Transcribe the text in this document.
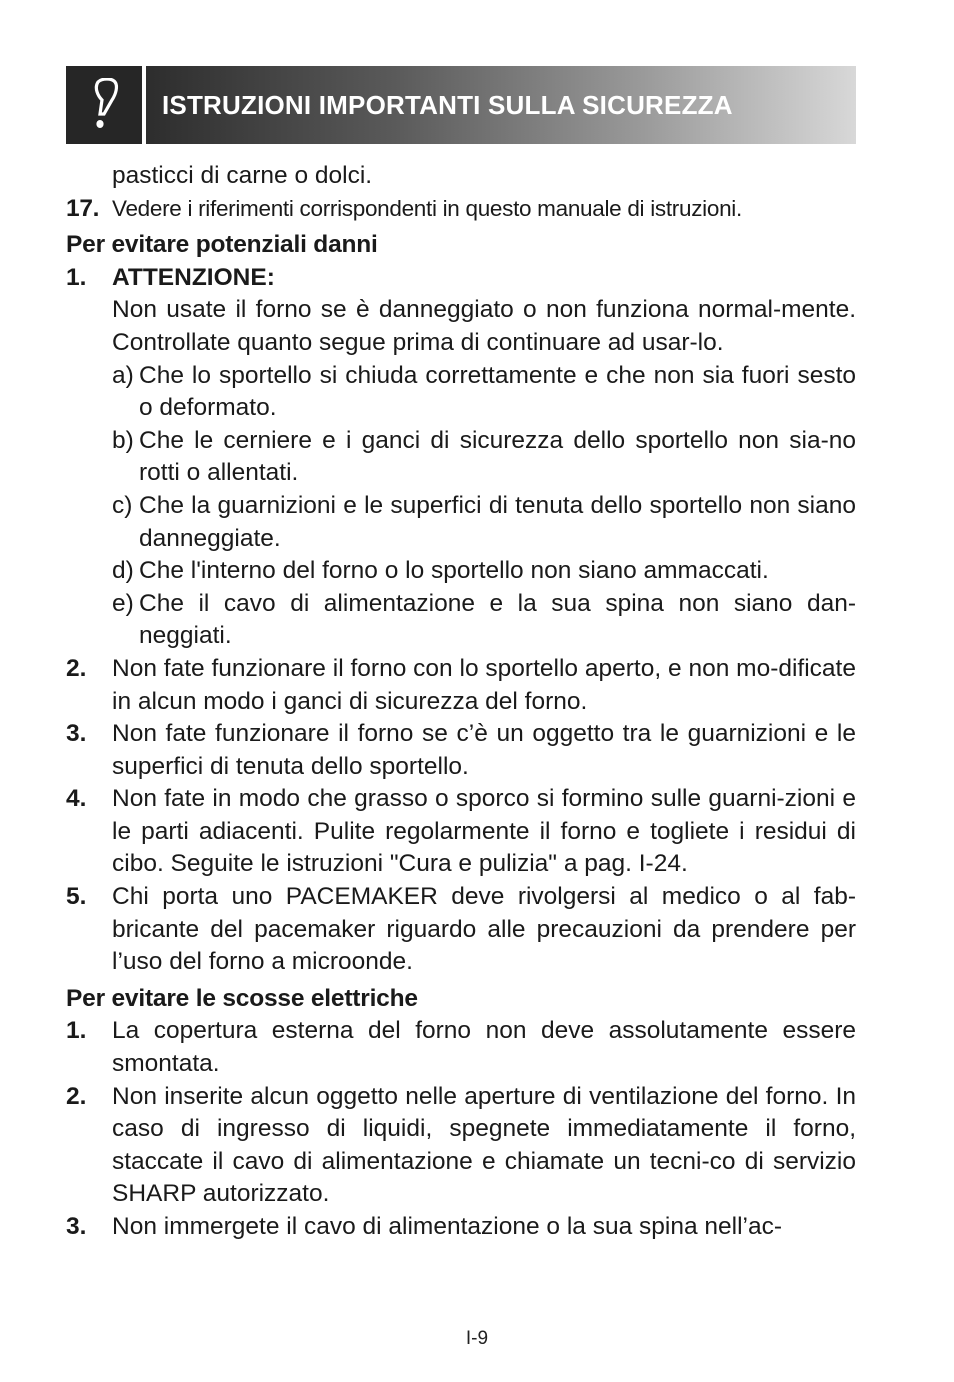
ISTRUZIONI IMPORTANTI SULLA SICUREZZA

pasticci di carne o dolci.

17. Vedere i riferimenti corrispondenti in questo manuale di istruzioni.
Per evitare potenziali danni
1.	ATTENZIONE:

Non usate il forno se è danneggiato o non funziona normal-mente. Controllate quanto segue prima di continuare ad usar-lo.

a) Che lo sportello si chiuda correttamente e che non sia fuori sesto o deformato.
b) Che le cerniere e i ganci di sicurezza dello sportello non sia-no rotti o allentati.
c) Che la guarnizioni e le superfici di tenuta dello sportello non siano danneggiate.
d) Che l'interno del forno o lo sportello non siano ammaccati.
e) Che il cavo di alimentazione e la sua spina non siano dan-neggiati.
2.	Non fate funzionare il forno con lo sportello aperto, e non mo-dificate in alcun modo i ganci di sicurezza del forno.
3.	Non fate funzionare il forno se c’è un oggetto tra le guarnizioni e le superfici di tenuta dello sportello.
4.	Non fate in modo che grasso o sporco si formino sulle guarni-zioni e le parti adiacenti. Pulite regolarmente il forno e togliete i residui di cibo. Seguite le istruzioni "Cura e pulizia" a pag. I-24.
5.	Chi porta uno PACEMAKER deve rivolgersi al medico o al fab-bricante del pacemaker riguardo alle precauzioni da prendere per l’uso del forno a microonde.
Per evitare le scosse elettriche
1.	La copertura esterna del forno non deve assolutamente essere smontata.
2.	Non inserite alcun oggetto nelle aperture di ventilazione del forno. In caso di ingresso di liquidi, spegnete immediatamente il forno, staccate il cavo di alimentazione e chiamate un tecni-co di servizio SHARP autorizzato.
3.	Non immergete il cavo di alimentazione o la sua spina nell’ac-
I-9
